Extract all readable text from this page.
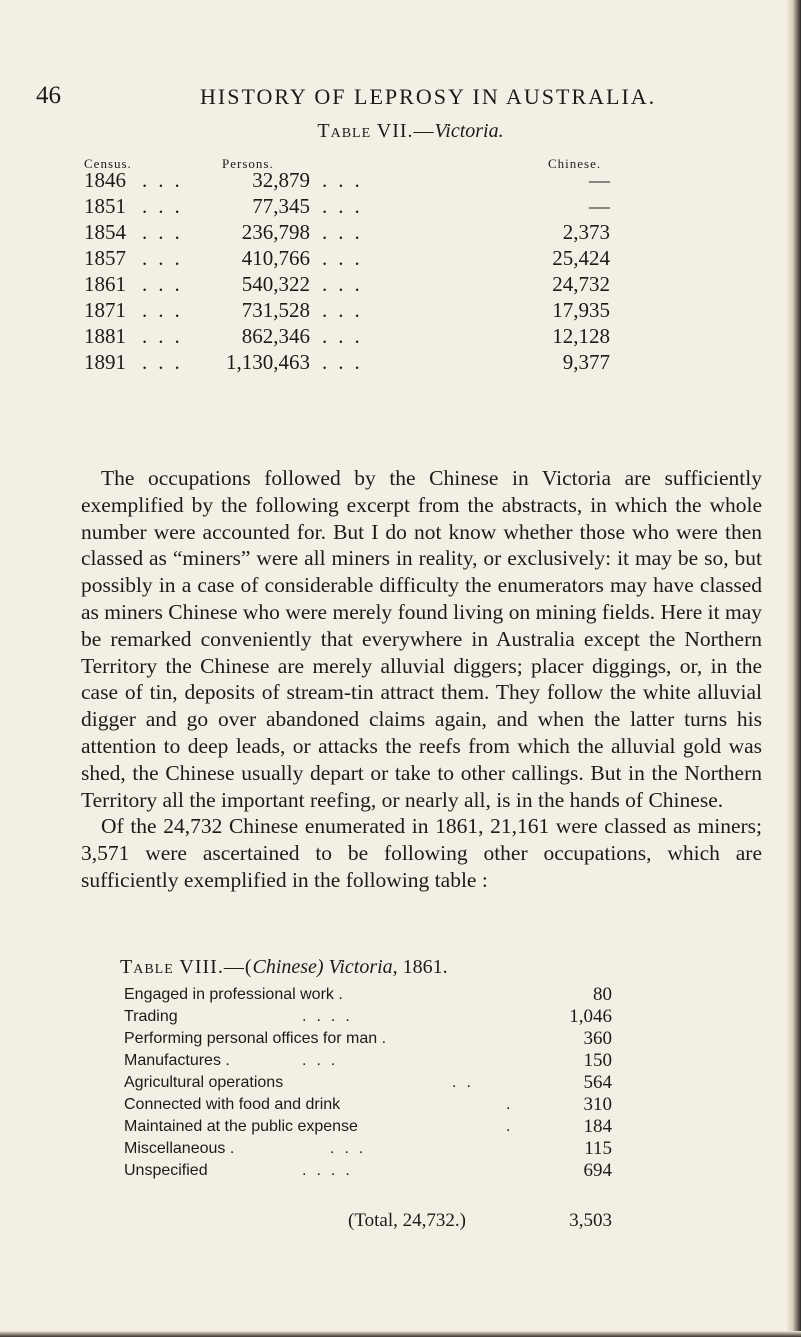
46	HISTORY OF LEPROSY IN AUSTRALIA.
Table VII.—Victoria.
Census.	Persons.	Chinese.
1846 ...	32,879 ...	—
1851 ...	77,345 ...	—
1854 ...	236,798 ...	2,373
1857 ...	410,766 ...	25,424
1861 ...	540,322 ...	24,732
1871 ...	731,528 ...	17,935
1881 ...	862,346 ...	12,128
1891 ...	1,130,463 ...	9,377

The occupations followed by the Chinese in Victoria are sufficiently exemplified by the following excerpt from the abstracts, in which the whole number were accounted for. But I do not know whether those who were then classed as “miners” were all miners in reality, or exclusively: it may be so, but possibly in a case of considerable difficulty the enumerators may have classed as miners Chinese who were merely found living on mining fields. Here it may be remarked conveniently that everywhere in Australia except the Northern Territory the Chinese are merely alluvial diggers; placer diggings, or, in the case of tin, deposits of stream-tin attract them. They follow the white alluvial digger and go over abandoned claims again, and when the latter turns his attention to deep leads, or attacks the reefs from which the alluvial gold was shed, the Chinese usually depart or take to other callings. But in the Northern Territory all the important reefing, or nearly all, is in the hands of Chinese.

Of the 24,732 Chinese enumerated in 1861, 21,161 were classed as miners; 3,571 were ascertained to be following other occupations, which are sufficiently exemplified in the following table :

Table VIII.—(Chinese) Victoria, 1861.
Engaged in professional work .	80
Trading	....	1,046
Performing personal offices for man .	360
Manufactures .	...	150
Agricultural operations	..	564
Connected with food and drink	.	310
Maintained at the public expense	.	184
Miscellaneous .	...	115
Unspecified	....	694
(Total, 24,732.)	3,503
